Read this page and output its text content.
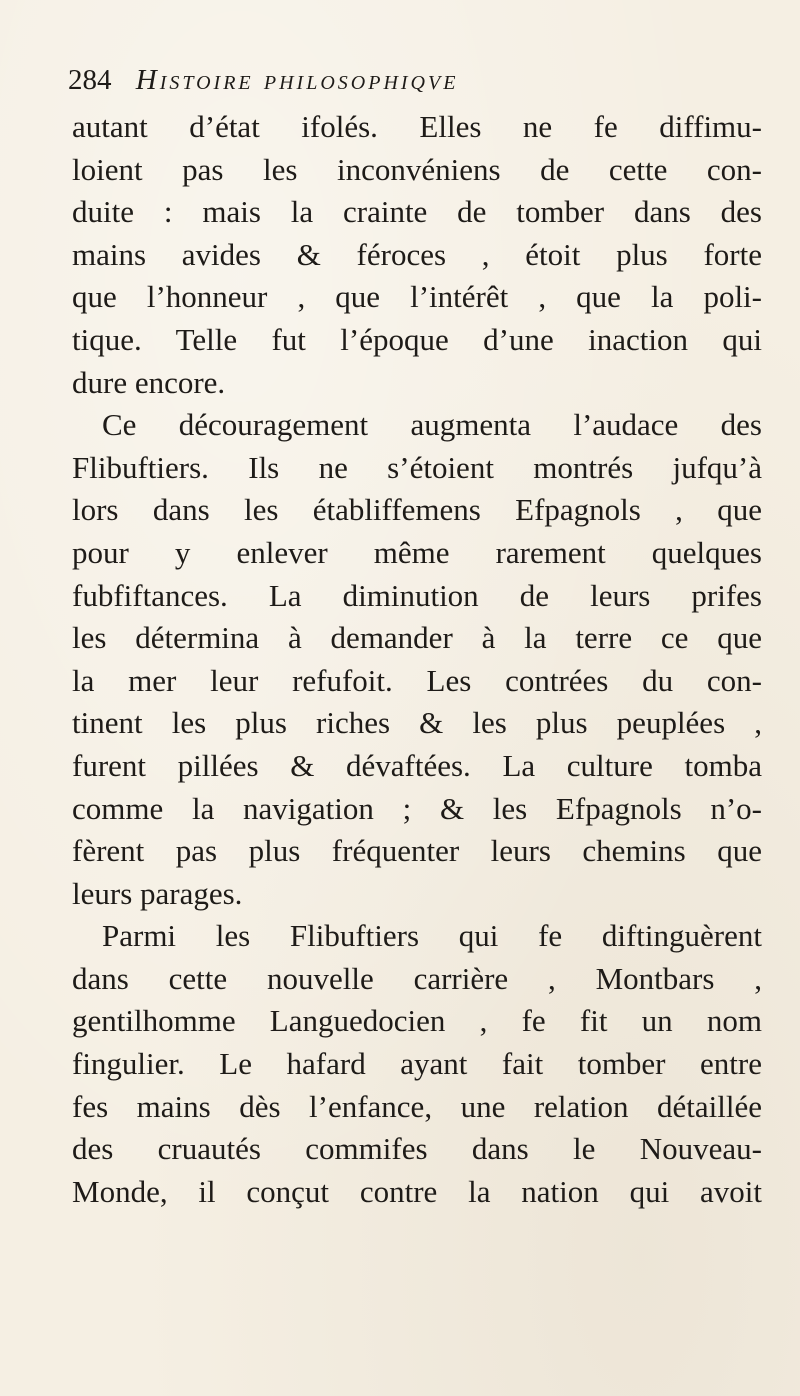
284 Histoire philosophiqve
autant d’état ifolés. Elles ne fe diffimu-
loient pas les inconvéniens de cette con-
duite : mais la crainte de tomber dans des
mains avides & féroces , étoit plus forte
que l’honneur , que l’intérêt , que la poli-
tique. Telle fut l’époque d’une inaction qui
dure encore.
Ce découragement augmenta l’audace des
Flibuftiers. Ils ne s’étoient montrés jufqu’à
lors dans les établiffemens Efpagnols , que
pour y enlever même rarement quelques
fubfiftances. La diminution de leurs prifes
les détermina à demander à la terre ce que
la mer leur refufoit. Les contrées du con-
tinent les plus riches & les plus peuplées ,
furent pillées & dévaftées. La culture tomba
comme la navigation ; & les Efpagnols n’o-
fèrent pas plus fréquenter leurs chemins que
leurs parages.
Parmi les Flibuftiers qui fe diftinguèrent
dans cette nouvelle carrière , Montbars ,
gentilhomme Languedocien , fe fit un nom
fingulier. Le hafard ayant fait tomber entre
fes mains dès l’enfance, une relation détaillée
des cruautés commifes dans le Nouveau-
Monde, il conçut contre la nation qui avoit
